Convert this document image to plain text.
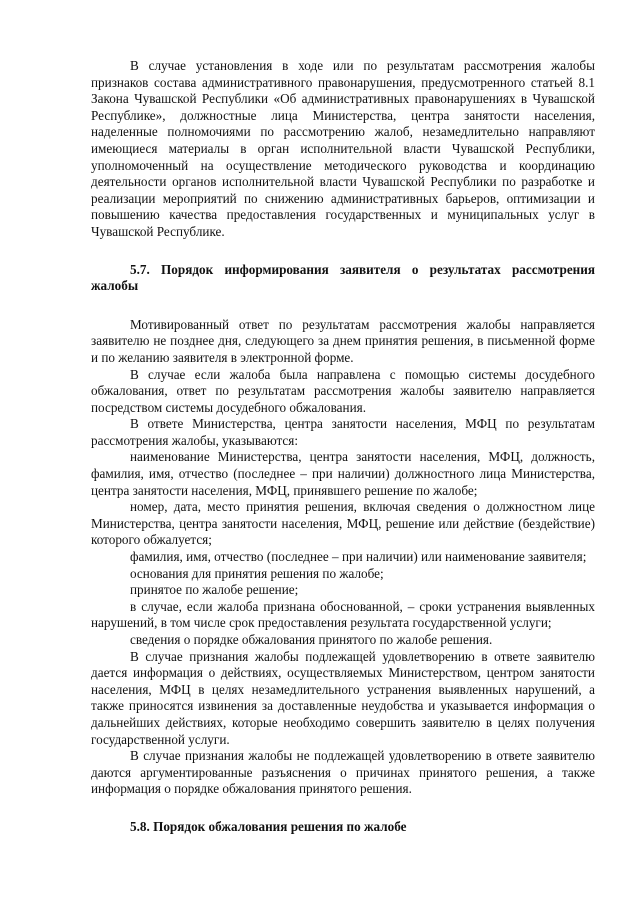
В случае установления в ходе или по результатам рассмотрения жалобы признаков состава административного правонарушения, предусмотренного статьей 8.1 Закона Чувашской Республики «Об административных правонарушениях в Чувашской Республике», должностные лица Министерства, центра занятости населения, наделенные полномочиями по рассмотрению жалоб, незамедлительно направляют имеющиеся материалы в орган исполнительной власти Чувашской Республики, уполномоченный на осуществление методического руководства и координацию деятельности органов исполнительной власти Чувашской Республики по разработке и реализации мероприятий по снижению административных барьеров, оптимизации и повышению качества предоставления государственных и муниципальных услуг в Чувашской Республике.

5.7. Порядок информирования заявителя о результатах рассмотрения жалобы

Мотивированный ответ по результатам рассмотрения жалобы направляется заявителю не позднее дня, следующего за днем принятия решения, в письменной форме и по желанию заявителя в электронной форме.

В случае если жалоба была направлена с помощью системы досудебного обжалования, ответ по результатам рассмотрения жалобы заявителю направляется посредством системы досудебного обжалования.

В ответе Министерства, центра занятости населения, МФЦ по результатам рассмотрения жалобы, указываются:

наименование Министерства, центра занятости населения, МФЦ, должность, фамилия, имя, отчество (последнее – при наличии) должностного лица Министерства, центра занятости населения, МФЦ, принявшего решение по жалобе;

номер, дата, место принятия решения, включая сведения о должностном лице Министерства, центра занятости населения, МФЦ, решение или действие (бездействие) которого обжалуется;

фамилия, имя, отчество (последнее – при наличии) или наименование заявителя;

основания для принятия решения по жалобе;

принятое по жалобе решение;

в случае, если жалоба признана обоснованной, – сроки устранения выявленных нарушений, в том числе срок предоставления результата государственной услуги;

сведения о порядке обжалования принятого по жалобе решения.

В случае признания жалобы подлежащей удовлетворению в ответе заявителю дается информация о действиях, осуществляемых Министерством, центром занятости населения, МФЦ в целях незамедлительного устранения выявленных нарушений, а также приносятся извинения за доставленные неудобства и указывается информация о дальнейших действиях, которые необходимо совершить заявителю в целях получения государственной услуги.

В случае признания жалобы не подлежащей удовлетворению в ответе заявителю даются аргументированные разъяснения о причинах принятого решения, а также информация о порядке обжалования принятого решения.

5.8. Порядок обжалования решения по жалобе
